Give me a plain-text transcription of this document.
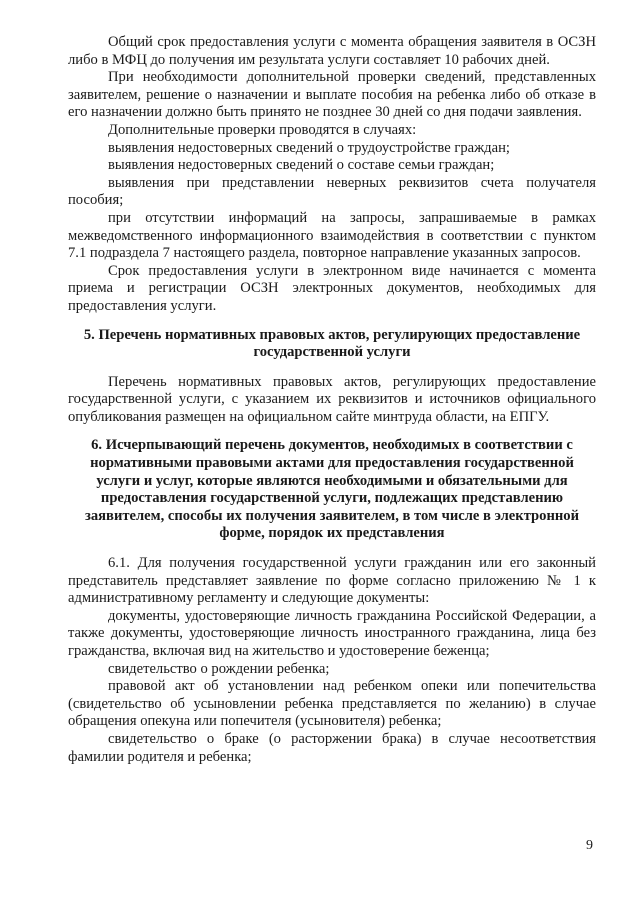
Общий срок предоставления услуги с момента обращения заявителя в ОСЗН либо в МФЦ до получения им результата услуги составляет 10 рабочих дней.

При необходимости дополнительной проверки сведений, представленных заявителем, решение о назначении и выплате пособия на ребенка либо об отказе в его назначении должно быть принято не позднее 30 дней со дня подачи заявления.

Дополнительные проверки проводятся в случаях:

выявления недостоверных сведений о трудоустройстве граждан;

выявления недостоверных сведений о составе семьи граждан;

выявления при представлении неверных реквизитов счета получателя пособия;

при отсутствии информаций на запросы, запрашиваемые в рамках межведомственного информационного взаимодействия в соответствии с пунктом 7.1 подраздела 7 настоящего раздела, повторное направление указанных запросов.

Срок предоставления услуги в электронном виде начинается с момента приема и регистрации ОСЗН электронных документов, необходимых для предоставления услуги.

5. Перечень нормативных правовых актов, регулирующих предоставление государственной услуги

Перечень нормативных правовых актов, регулирующих предоставление государственной услуги, с указанием их реквизитов и источников официального опубликования размещен на официальном сайте минтруда области, на ЕПГУ.

6. Исчерпывающий перечень документов, необходимых в соответствии с нормативными правовыми актами для предоставления государственной услуги и услуг, которые являются необходимыми и обязательными для предоставления государственной услуги, подлежащих представлению заявителем, способы их получения заявителем, в том числе в электронной форме, порядок их представления

6.1. Для получения государственной услуги гражданин или его законный представитель представляет заявление по форме согласно приложению № 1 к административному регламенту и следующие документы:

документы, удостоверяющие личность гражданина Российской Федерации, а также документы, удостоверяющие личность иностранного гражданина, лица без гражданства, включая вид на жительство и удостоверение беженца;

свидетельство о рождении ребенка;

правовой акт об установлении над ребенком опеки или попечительства (свидетельство об усыновлении ребенка представляется по желанию) в случае обращения опекуна или попечителя (усыновителя) ребенка;

свидетельство о браке (о расторжении брака) в случае несоответствия фамилии родителя и ребенка;

9
